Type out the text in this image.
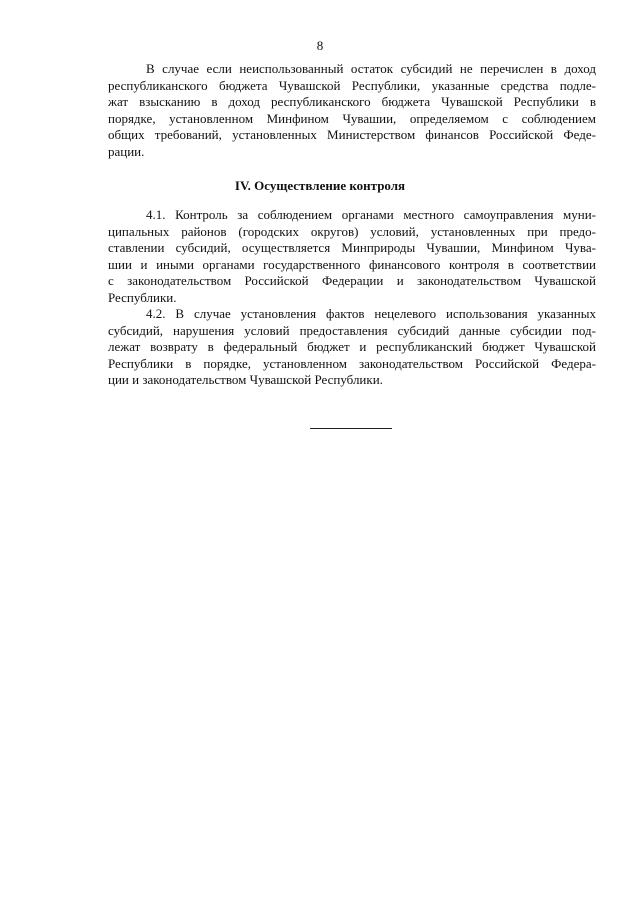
8
В случае если неиспользованный остаток субсидий не перечислен в доход
республиканского бюджета Чувашской Республики, указанные средства подле-
жат взысканию в доход республиканского бюджета Чувашской Республики в
порядке, установленном Минфином Чувашии, определяемом с соблюдением
общих требований, установленных Министерством финансов Российской Феде-
рации.
IV. Осуществление контроля
4.1. Контроль за соблюдением органами местного самоуправления муни-
ципальных районов (городских округов) условий, установленных при предо-
ставлении субсидий, осуществляется Минприроды Чувашии, Минфином Чува-
шии и иными органами государственного финансового контроля в соответствии
с законодательством Российской Федерации и законодательством Чувашской
Республики.
4.2. В случае установления фактов нецелевого использования указанных
субсидий, нарушения условий предоставления субсидий данные субсидии под-
лежат возврату в федеральный бюджет и республиканский бюджет Чувашской
Республики в порядке, установленном законодательством Российской Федера-
ции и законодательством Чувашской Республики.
